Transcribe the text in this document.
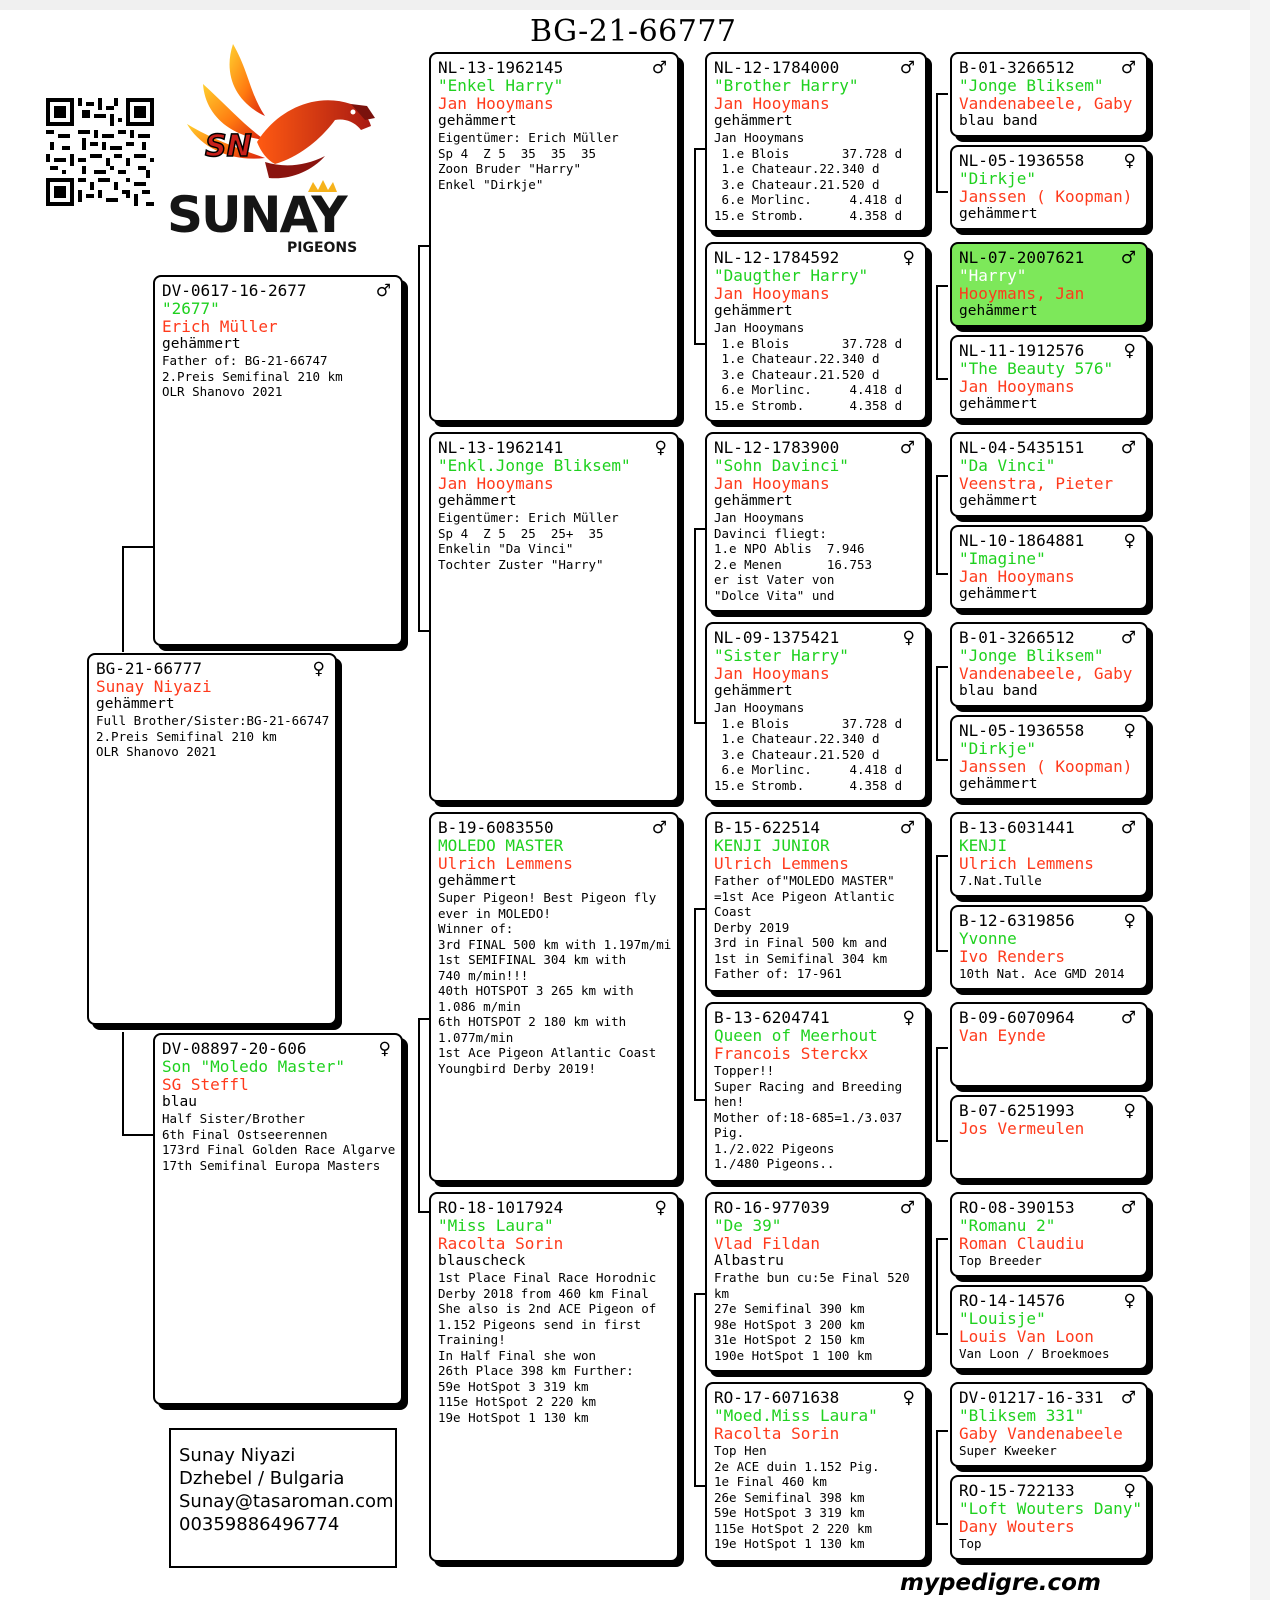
BG-21-66777
SN
SUNAY
PIGEONS
BG-21-66777	♀
Sunay Niyazi
gehämmert
Full Brother/Sister:BG-21-66747
2.Preis Semifinal 210 km
OLR Shanovo 2021
DV-0617-16-2677	♂
"2677"
Erich Müller
gehämmert
Father of: BG-21-66747
2.Preis Semifinal 210 km
OLR Shanovo 2021
DV-08897-20-606	♀
Son "Moledo Master"
SG Steffl
blau
Half Sister/Brother
6th Final Ostseerennen
173rd Final Golden Race Algarve
17th Semifinal Europa Masters
NL-13-1962145	♂
"Enkel Harry"
Jan Hooymans
gehämmert
Eigentümer: Erich Müller
Sp 4  Z 5  35  35  35
Zoon Bruder "Harry"
Enkel "Dirkje"
NL-13-1962141	♀
"Enkl.Jonge Bliksem"
Jan Hooymans
gehämmert
Eigentümer: Erich Müller
Sp 4  Z 5  25  25+  35
Enkelin "Da Vinci"
Tochter Zuster "Harry"
B-19-6083550	♂
MOLEDO MASTER
Ulrich Lemmens
gehämmert
Super Pigeon! Best Pigeon fly
ever in MOLEDO!
Winner of:
3rd FINAL 500 km with 1.197m/mi
1st SEMIFINAL 304 km with
740 m/min!!!
40th HOTSPOT 3 265 km with
1.086 m/min
6th HOTSPOT 2 180 km with
1.077m/min
1st Ace Pigeon Atlantic Coast
Youngbird Derby 2019!
RO-18-1017924	♀
"Miss Laura"
Racolta Sorin
blauscheck
1st Place Final Race Horodnic
Derby 2018 from 460 km Final
She also is 2nd ACE Pigeon of
1.152 Pigeons send in first
Training!
In Half Final she won
26th Place 398 km Further:
59e HotSpot 3 319 km
115e HotSpot 2 220 km
19e HotSpot 1 130 km
NL-12-1784000	♂
"Brother Harry"
Jan Hooymans
gehämmert
Jan Hooymans
1.e Blois       37.728 d
1.e Chateaur.22.340 d
3.e Chateaur.21.520 d
6.e Morlinc.     4.418 d
15.e Stromb.      4.358 d
NL-12-1784592	♀
"Daugther Harry"
Jan Hooymans
gehämmert
Jan Hooymans
1.e Blois       37.728 d
1.e Chateaur.22.340 d
3.e Chateaur.21.520 d
6.e Morlinc.     4.418 d
15.e Stromb.      4.358 d
NL-12-1783900	♂
"Sohn Davinci"
Jan Hooymans
gehämmert
Jan Hooymans
Davinci fliegt:
1.e NPO Ablis  7.946
2.e Menen      16.753
er ist Vater von
"Dolce Vita" und
NL-09-1375421	♀
"Sister Harry"
Jan Hooymans
gehämmert
Jan Hooymans
1.e Blois       37.728 d
1.e Chateaur.22.340 d
3.e Chateaur.21.520 d
6.e Morlinc.     4.418 d
15.e Stromb.      4.358 d
B-15-622514	♂
KENJI JUNIOR
Ulrich Lemmens
Father of"MOLEDO MASTER"
=1st Ace Pigeon Atlantic
Coast
Derby 2019
3rd in Final 500 km and
1st in Semifinal 304 km
Father of: 17-961
B-13-6204741	♀
Queen of Meerhout
Francois Sterckx
Topper!!
Super Racing and Breeding
hen!
Mother of:18-685=1./3.037
Pig.
1./2.022 Pigeons
1./480 Pigeons..
RO-16-977039	♂
"De 39"
Vlad Fildan
Albastru
Frathe bun cu:5e Final 520
km
27e Semifinal 390 km
98e HotSpot 3 200 km
31e HotSpot 2 150 km
190e HotSpot 1 100 km
RO-17-6071638	♀
"Moed.Miss Laura"
Racolta Sorin
Top Hen
2e ACE duin 1.152 Pig.
1e Final 460 km
26e Semifinal 398 km
59e HotSpot 3 319 km
115e HotSpot 2 220 km
19e HotSpot 1 130 km
B-01-3266512	♂
"Jonge Bliksem"
Vandenabeele, Gaby
blau band
NL-05-1936558	♀
"Dirkje"
Janssen ( Koopman)
gehämmert
NL-07-2007621	♂
"Harry"
Hooymans, Jan
gehämmert
NL-11-1912576	♀
"The Beauty 576"
Jan Hooymans
gehämmert
NL-04-5435151	♂
"Da Vinci"
Veenstra, Pieter
gehämmert
NL-10-1864881	♀
"Imagine"
Jan Hooymans
gehämmert
B-01-3266512	♂
"Jonge Bliksem"
Vandenabeele, Gaby
blau band
NL-05-1936558	♀
"Dirkje"
Janssen ( Koopman)
gehämmert
B-13-6031441	♂
KENJI
Ulrich Lemmens
7.Nat.Tulle
B-12-6319856	♀
Yvonne
Ivo Renders
10th Nat. Ace GMD 2014
B-09-6070964	♂
Van Eynde
B-07-6251993	♀
Jos Vermeulen
RO-08-390153	♂
"Romanu 2"
Roman Claudiu
Top Breeder
RO-14-14576	♀
"Louisje"
Louis Van Loon
Van Loon / Broekmoes
DV-01217-16-331	♂
"Bliksem 331"
Gaby Vandenabeele
Super Kweeker
RO-15-722133	♀
"Loft Wouters Dany"
Dany Wouters
Top
Sunay Niyazi
Dzhebel / Bulgaria
Sunay@tasaroman.com
00359886496774
mypedigre.com
